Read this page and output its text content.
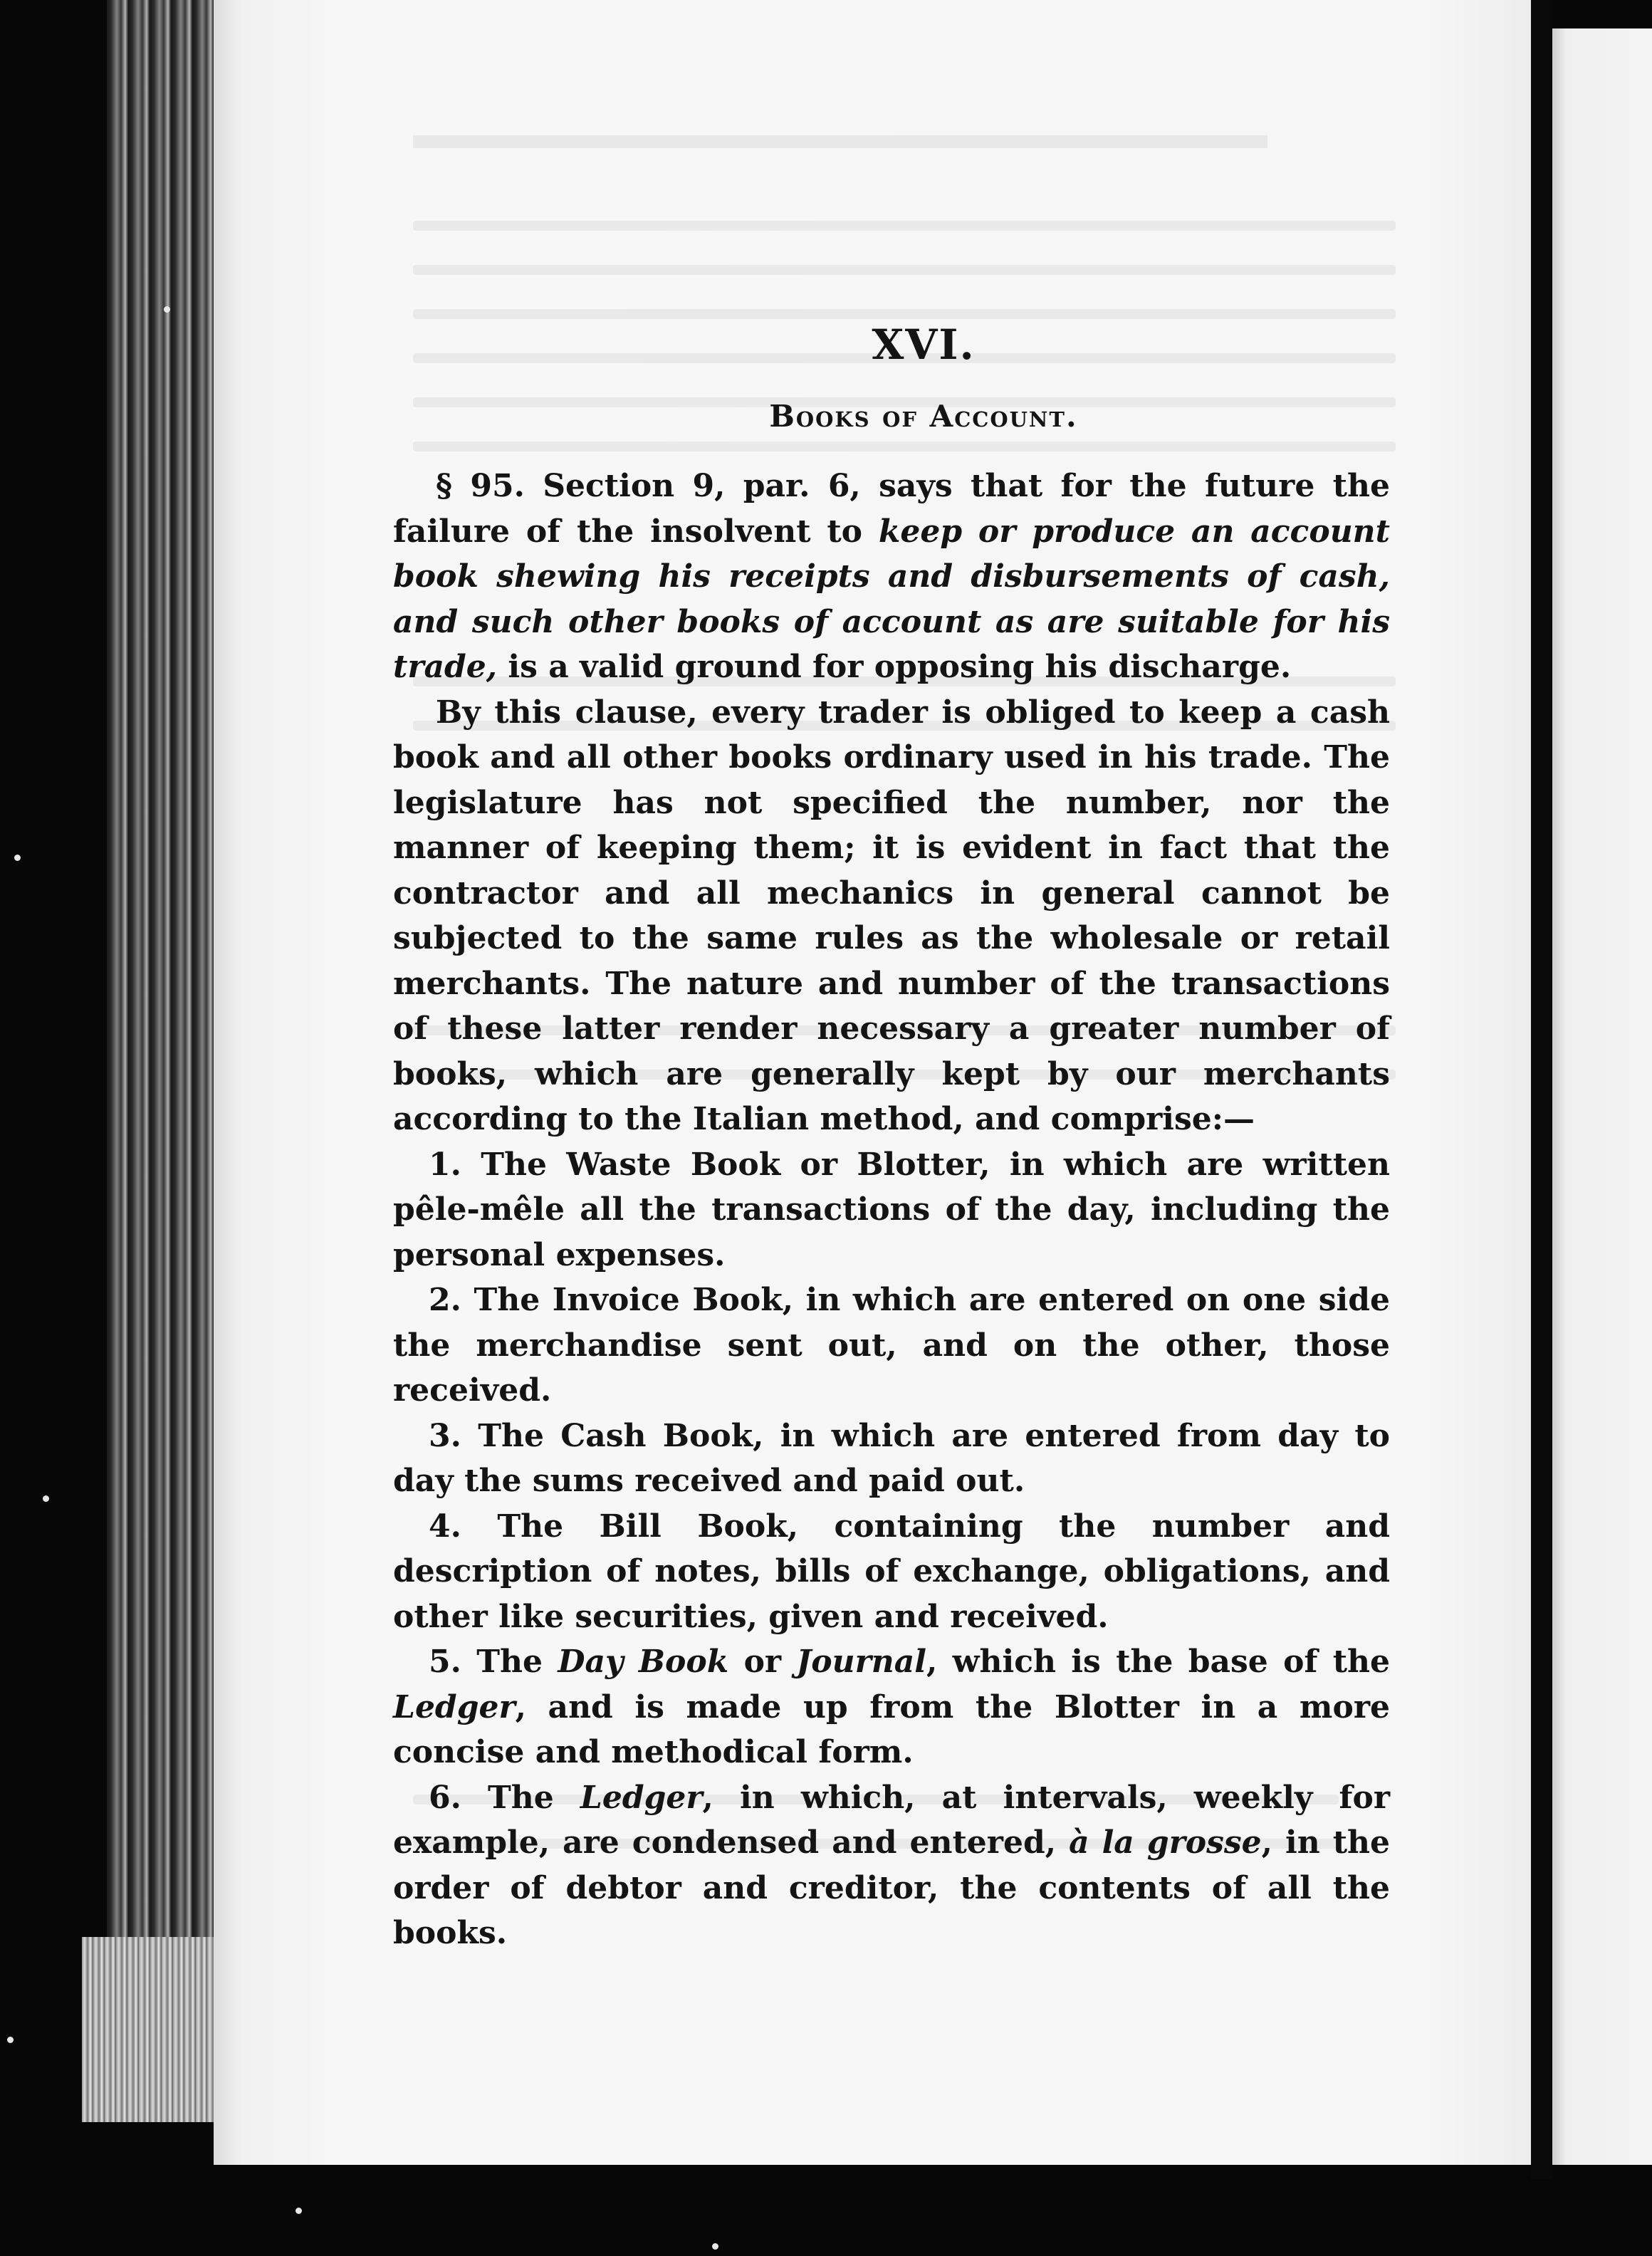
XVI.
Books of Account.

§ 95. Section 9, par. 6, says that for the future the failure of the insolvent to keep or produce an account book shewing his receipts and disbursements of cash, and such other books of account as are suitable for his trade, is a valid ground for opposing his discharge.

By this clause, every trader is obliged to keep a cash book and all other books ordinary used in his trade. The legislature has not specified the number, nor the manner of keeping them; it is evident in fact that the contractor and all mechanics in general cannot be subjected to the same rules as the wholesale or retail merchants. The nature and number of the transactions of these latter render necessary a greater number of books, which are generally kept by our merchants according to the Italian method, and comprise:—

1. The Waste Book or Blotter, in which are written pêle-mêle all the transactions of the day, including the personal expenses.

2. The Invoice Book, in which are entered on one side the merchandise sent out, and on the other, those received.

3. The Cash Book, in which are entered from day to day the sums received and paid out.

4. The Bill Book, containing the number and description of notes, bills of exchange, obligations, and other like securities, given and received.

5. The Day Book or Journal, which is the base of the Ledger, and is made up from the Blotter in a more concise and methodical form.

6. The Ledger, in which, at intervals, weekly for example, are condensed and entered, à la grosse, in the order of debtor and creditor, the contents of all the books.
